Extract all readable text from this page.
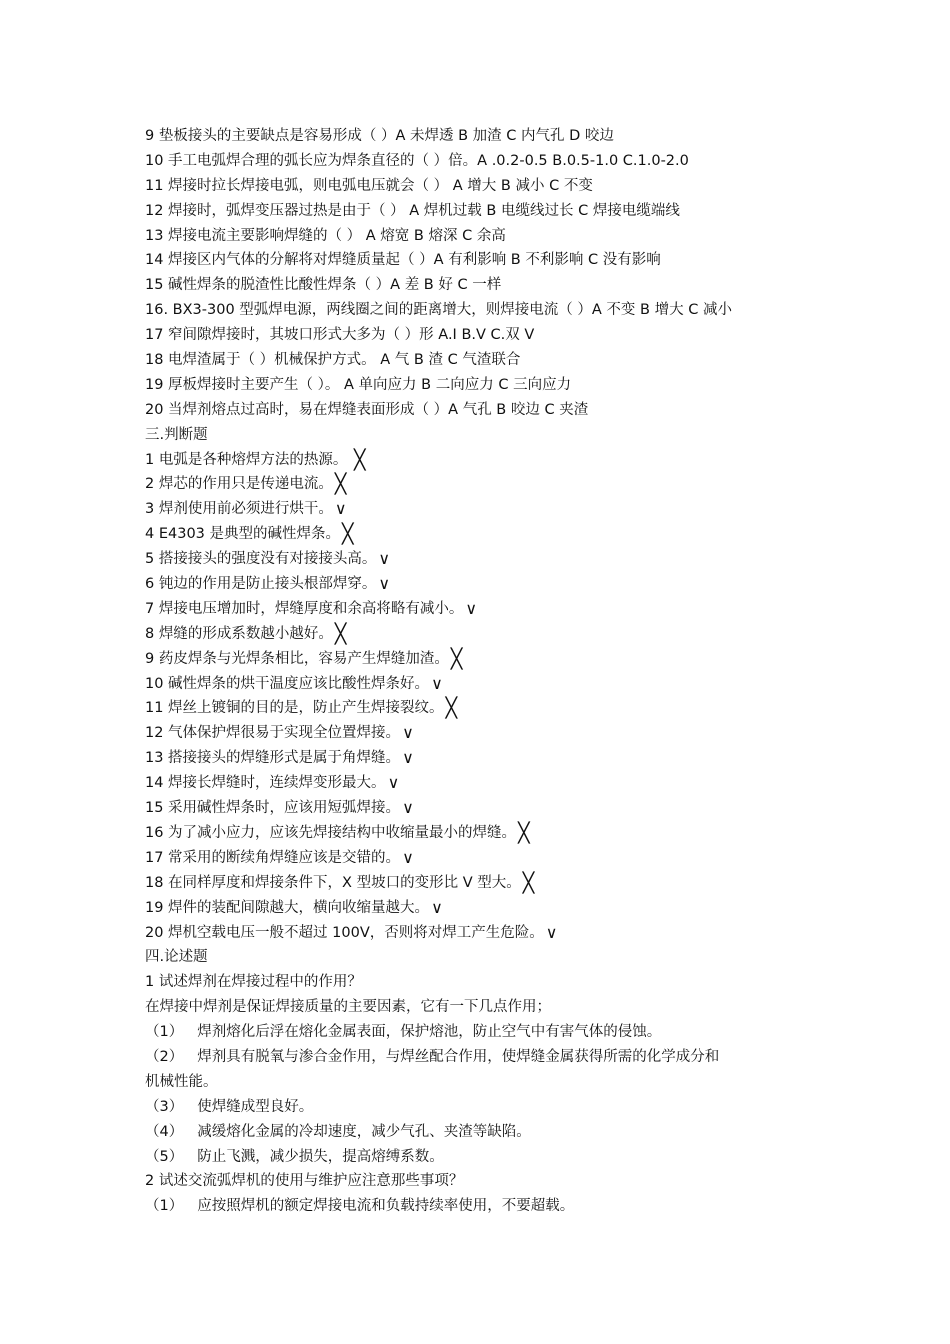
9 垫板接头的主要缺点是容易形成（ ）A 未焊透 B 加渣 C 内气孔 D 咬边
10 手工电弧焊合理的弧长应为焊条直径的（ ）倍。A .0.2-0.5 B.0.5-1.0 C.1.0-2.0
11 焊接时拉长焊接电弧，则电弧电压就会（ ） A 增大 B 减小 C 不变
12 焊接时，弧焊变压器过热是由于（ ） A 焊机过载 B 电缆线过长 C 焊接电缆端线
13 焊接电流主要影响焊缝的（ ） A 熔宽 B 熔深 C 余高
14 焊接区内气体的分解将对焊缝质量起（ ）A 有利影响 B 不利影响 C 没有影响
15 碱性焊条的脱渣性比酸性焊条（ ）A 差 B 好 C 一样
16. BX3-300 型弧焊电源，两线圈之间的距离增大，则焊接电流（ ）A 不变 B 增大 C 减小
17 窄间隙焊接时，其坡口形式大多为（ ）形 A.I B.V C.双 V
18 电焊渣属于（ ）机械保护方式。 A 气 B 渣 C 气渣联合
19 厚板焊接时主要产生（ ）。 A 单向应力 B 二向应力 C 三向应力
20 当焊剂熔点过高时，易在焊缝表面形成（ ）A 气孔 B 咬边 C 夹渣
三.判断题
1 电弧是各种熔焊方法的热源。 ╳
2 焊芯的作用只是传递电流。 ╳
3 焊剂使用前必须进行烘干。 ∨
4 E4303 是典型的碱性焊条。 ╳
5 搭接接头的强度没有对接接头高。 ∨
6 钝边的作用是防止接头根部焊穿。 ∨
7 焊接电压增加时，焊缝厚度和余高将略有减小。 ∨
8 焊缝的形成系数越小越好。 ╳
9 药皮焊条与光焊条相比，容易产生焊缝加渣。 ╳
10 碱性焊条的烘干温度应该比酸性焊条好。 ∨
11 焊丝上镀铜的目的是，防止产生焊接裂纹。 ╳
12 气体保护焊很易于实现全位置焊接。 ∨
13 搭接接头的焊缝形式是属于角焊缝。 ∨
14 焊接长焊缝时，连续焊变形最大。 ∨
15 采用碱性焊条时，应该用短弧焊接。 ∨
16 为了减小应力，应该先焊接结构中收缩量最小的焊缝。 ╳
17 常采用的断续角焊缝应该是交错的。 ∨
18 在同样厚度和焊接条件下，X 型坡口的变形比 V 型大。 ╳
19 焊件的装配间隙越大，横向收缩量越大。 ∨
20 焊机空载电压一般不超过 100V，否则将对焊工产生危险。 ∨
四.论述题
1 试述焊剂在焊接过程中的作用？
在焊接中焊剂是保证焊接质量的主要因素，它有一下几点作用；
（1） 焊剂熔化后浮在熔化金属表面，保护熔池，防止空气中有害气体的侵蚀。
（2） 焊剂具有脱氧与渗合金作用，与焊丝配合作用，使焊缝金属获得所需的化学成分和
机械性能。
（3） 使焊缝成型良好。
（4） 减缓熔化金属的冷却速度，减少气孔、夹渣等缺陷。
（5） 防止飞溅，减少损失，提高熔缚系数。
2 试述交流弧焊机的使用与维护应注意那些事项？
（1） 应按照焊机的额定焊接电流和负载持续率使用，不要超载。
